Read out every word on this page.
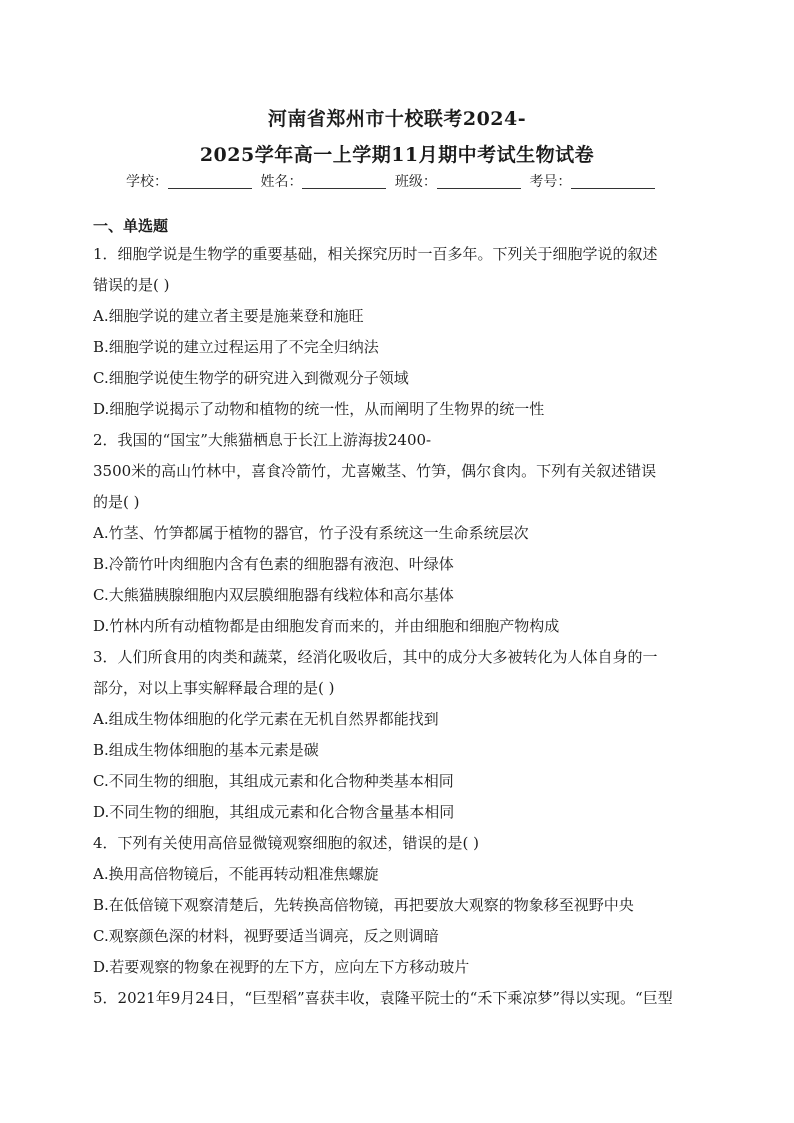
河南省郑州市十校联考2024-
2025学年高一上学期11月期中考试生物试卷
学校：	姓名：	班级：	考号：
一、单选题
1．细胞学说是生物学的重要基础，相关探究历时一百多年。下列关于细胞学说的叙述
错误的是( )
A.细胞学说的建立者主要是施莱登和施旺
B.细胞学说的建立过程运用了不完全归纳法
C.细胞学说使生物学的研究进入到微观分子领域
D.细胞学说揭示了动物和植物的统一性，从而阐明了生物界的统一性
2．我国的“国宝”大熊猫栖息于长江上游海拔2400-
3500米的高山竹林中，喜食冷箭竹，尤喜嫩茎、竹笋，偶尔食肉。下列有关叙述错误
的是( )
A.竹茎、竹笋都属于植物的器官，竹子没有系统这一生命系统层次
B.冷箭竹叶肉细胞内含有色素的细胞器有液泡、叶绿体
C.大熊猫胰腺细胞内双层膜细胞器有线粒体和高尔基体
D.竹林内所有动植物都是由细胞发育而来的，并由细胞和细胞产物构成
3．人们所食用的肉类和蔬菜，经消化吸收后，其中的成分大多被转化为人体自身的一
部分，对以上事实解释最合理的是( )
A.组成生物体细胞的化学元素在无机自然界都能找到
B.组成生物体细胞的基本元素是碳
C.不同生物的细胞，其组成元素和化合物种类基本相同
D.不同生物的细胞，其组成元素和化合物含量基本相同
4．下列有关使用高倍显微镜观察细胞的叙述，错误的是( )
A.换用高倍物镜后，不能再转动粗准焦螺旋
B.在低倍镜下观察清楚后，先转换高倍物镜，再把要放大观察的物象移至视野中央
C.观察颜色深的材料，视野要适当调亮，反之则调暗
D.若要观察的物象在视野的左下方，应向左下方移动玻片
5．2021年9月24日，“巨型稻”喜获丰收，袁隆平院士的“禾下乘凉梦”得以实现。“巨型
